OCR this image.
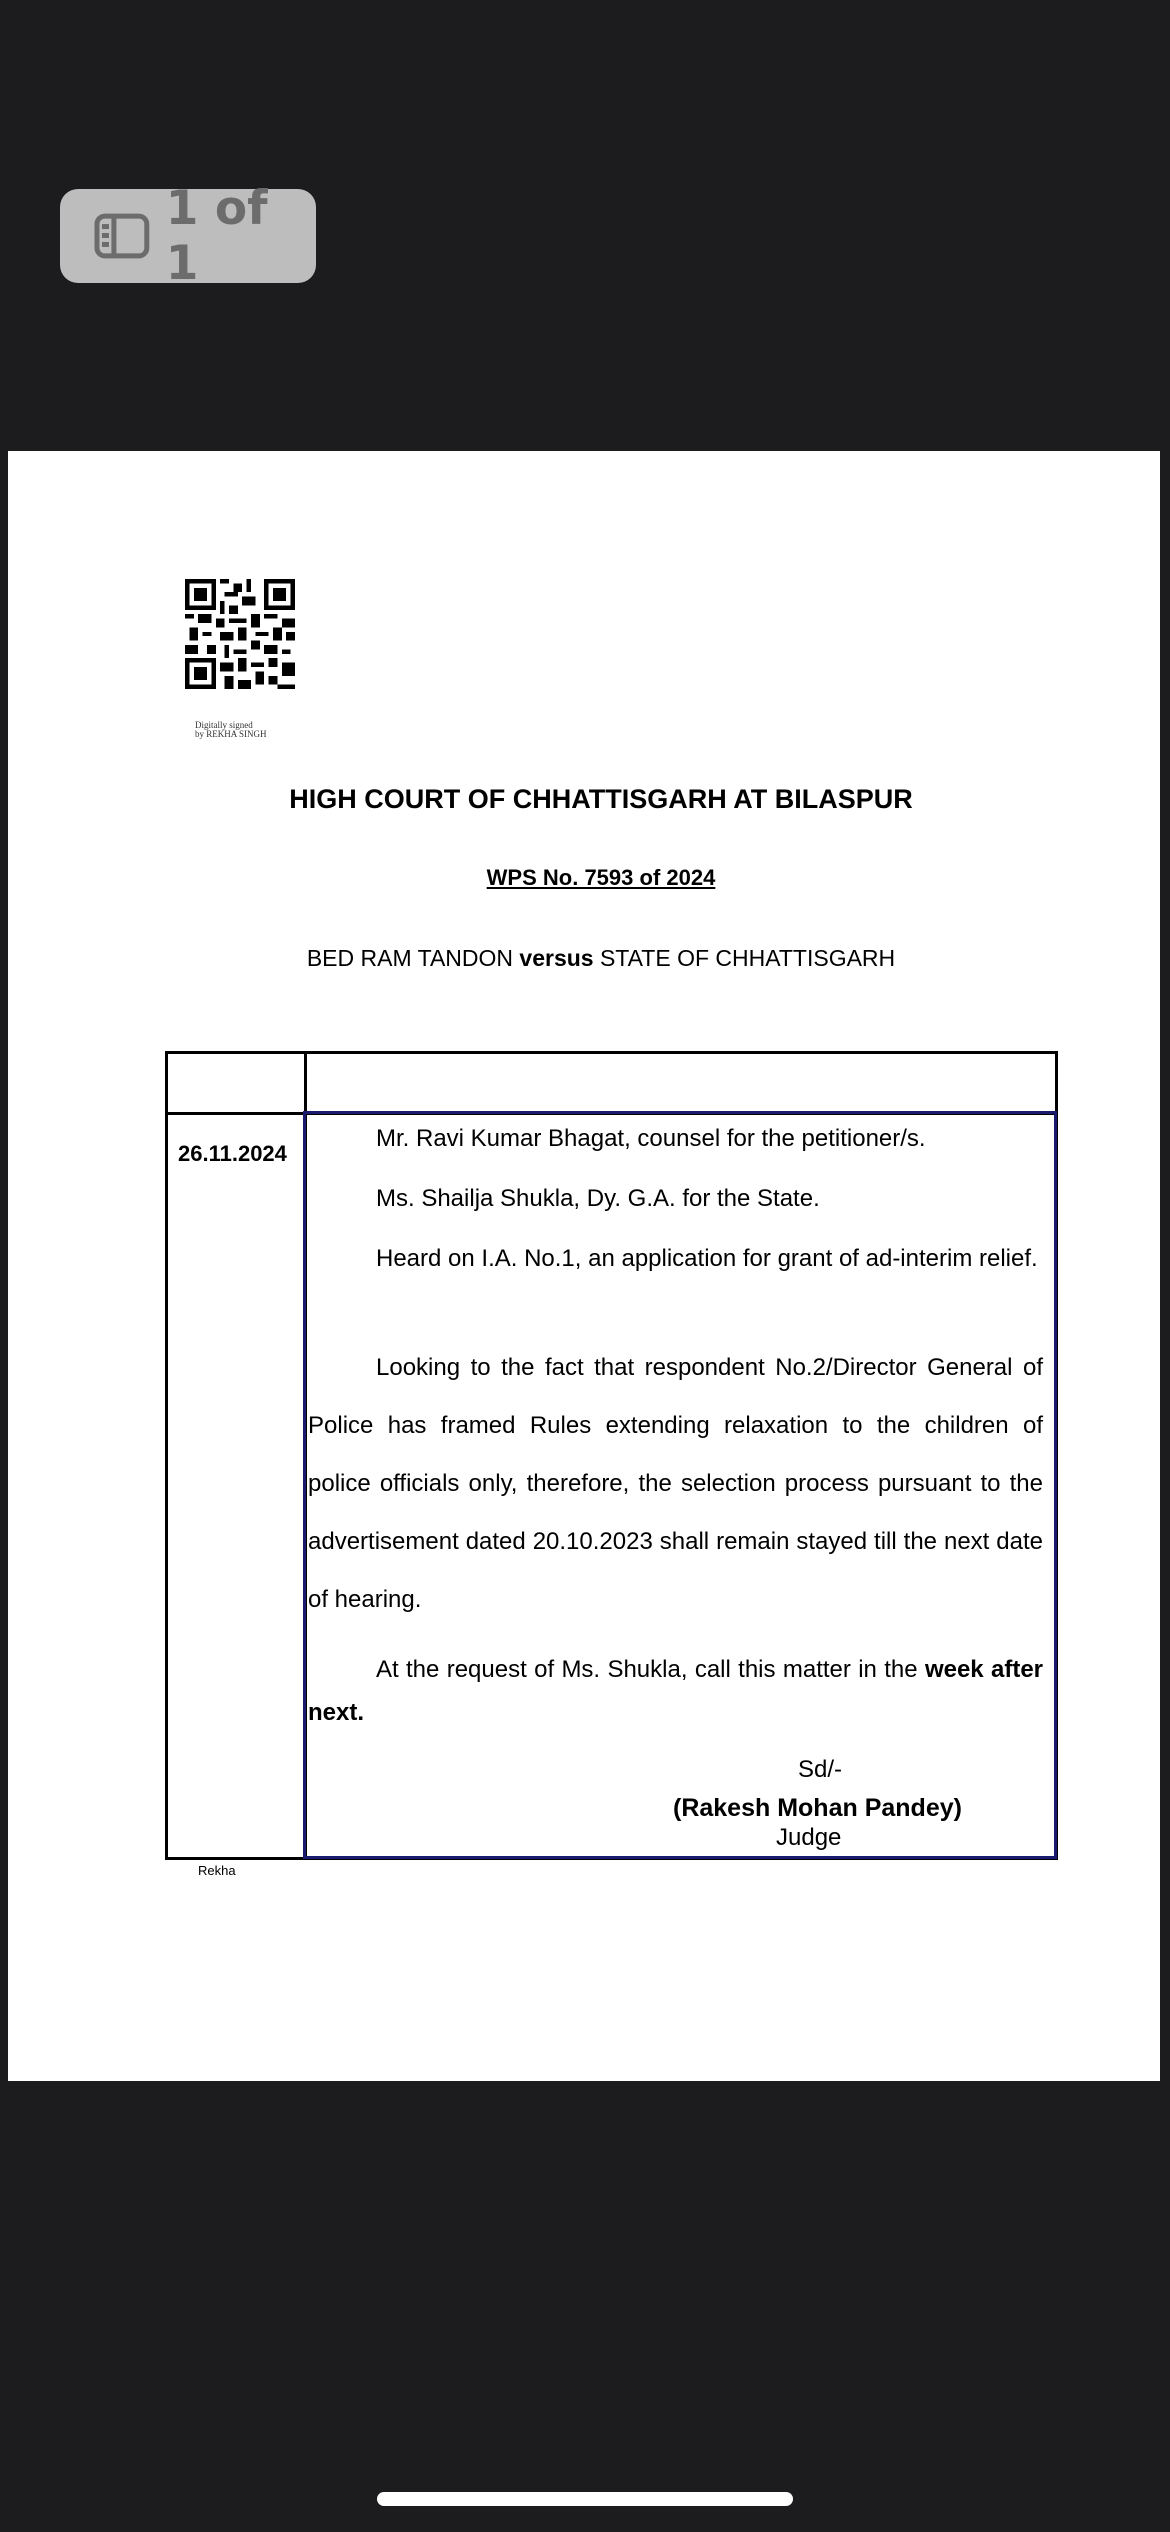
1 of 1
Digitally signed
by REKHA SINGH
HIGH COURT OF CHHATTISGARH AT BILASPUR
WPS No. 7593 of 2024
BED RAM TANDON versus STATE OF CHHATTISGARH
26.11.2024
Mr. Ravi Kumar Bhagat, counsel for the petitioner/s.
Ms. Shailja Shukla, Dy. G.A. for the State.
Heard on I.A. No.1, an application for grant of ad-interim relief.
Looking to the fact that respondent No.2/Director General of Police has framed Rules extending relaxation to the children of police officials only, therefore, the selection process pursuant to the advertisement dated 20.10.2023 shall remain stayed till the next date of hearing.
At the request of Ms. Shukla, call this matter in the week after next.
Sd/-
(Rakesh Mohan Pandey)
Judge
Rekha
